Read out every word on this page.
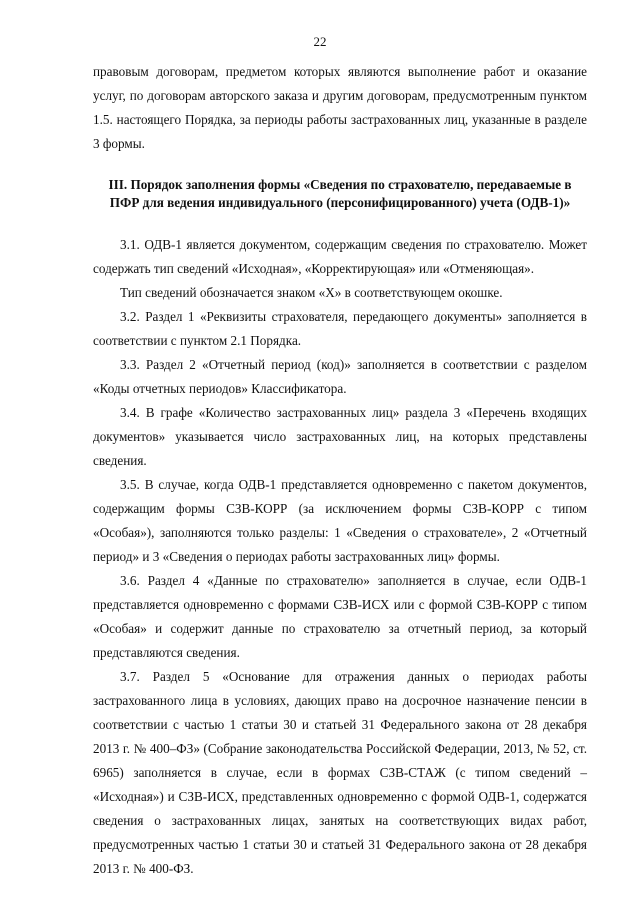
22

правовым договорам, предметом которых являются выполнение работ и оказание услуг, по договорам авторского заказа и другим договорам, предусмотренным пунктом 1.5. настоящего Порядка, за периоды работы застрахованных лиц, указанные в разделе 3 формы.

III. Порядок заполнения формы «Сведения по страхователю, передаваемые в ПФР для ведения индивидуального (персонифицированного) учета (ОДВ-1)»

3.1. ОДВ-1 является документом, содержащим сведения по страхователю. Может содержать тип сведений «Исходная», «Корректирующая» или «Отменяющая».

Тип сведений обозначается знаком «Х» в соответствующем окошке.

3.2. Раздел 1 «Реквизиты страхователя, передающего документы» заполняется в соответствии с пунктом 2.1 Порядка.

3.3. Раздел 2 «Отчетный период (код)» заполняется в соответствии с разделом «Коды отчетных периодов» Классификатора.

3.4. В графе «Количество застрахованных лиц» раздела 3 «Перечень входящих документов» указывается число застрахованных лиц, на которых представлены сведения.

3.5. В случае, когда ОДВ-1 представляется одновременно с пакетом документов, содержащим формы СЗВ-КОРР (за исключением формы СЗВ-КОРР с типом «Особая»), заполняются только разделы: 1 «Сведения о страхователе», 2 «Отчетный период» и 3 «Сведения о периодах работы застрахованных лиц» формы.

3.6. Раздел 4 «Данные по страхователю» заполняется в случае, если ОДВ-1 представляется одновременно с формами СЗВ-ИСХ или с формой СЗВ-КОРР с типом «Особая» и содержит данные по страхователю за отчетный период, за который представляются сведения.

3.7. Раздел 5 «Основание для отражения данных о периодах работы застрахованного лица в условиях, дающих право на досрочное назначение пенсии в соответствии с частью 1 статьи 30 и статьей 31 Федерального закона от 28 декабря 2013 г. № 400–ФЗ» (Собрание законодательства Российской Федерации, 2013, № 52, ст. 6965) заполняется в случае, если в формах СЗВ-СТАЖ (с типом сведений – «Исходная») и СЗВ-ИСХ, представленных одновременно с формой ОДВ-1, содержатся сведения о застрахованных лицах, занятых на соответствующих видах работ, предусмотренных частью 1 статьи 30 и статьей 31 Федерального закона от 28 декабря 2013 г. № 400-ФЗ.
